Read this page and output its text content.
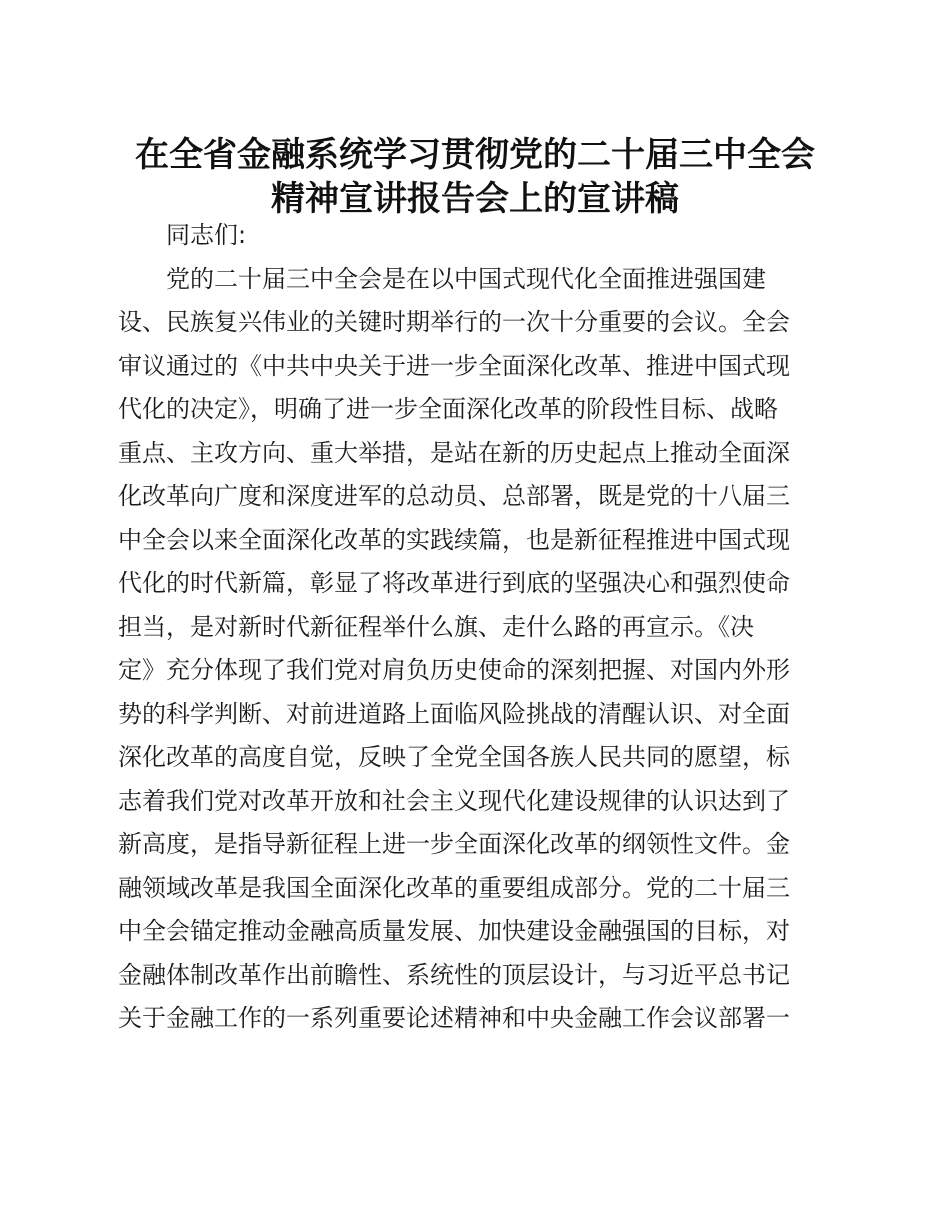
在全省金融系统学习贯彻党的二十届三中全会
精神宣讲报告会上的宣讲稿
同志们:
党的二十届三中全会是在以中国式现代化全面推进强国建
设、民族复兴伟业的关键时期举行的一次十分重要的会议。全会
审议通过的《中共中央关于进一步全面深化改革、推进中国式现
代化的决定》，明确了进一步全面深化改革的阶段性目标、战略
重点、主攻方向、重大举措，是站在新的历史起点上推动全面深
化改革向广度和深度进军的总动员、总部署，既是党的十八届三
中全会以来全面深化改革的实践续篇，也是新征程推进中国式现
代化的时代新篇，彰显了将改革进行到底的坚强决心和强烈使命
担当，是对新时代新征程举什么旗、走什么路的再宣示。《决
定》充分体现了我们党对肩负历史使命的深刻把握、对国内外形
势的科学判断、对前进道路上面临风险挑战的清醒认识、对全面
深化改革的高度自觉，反映了全党全国各族人民共同的愿望，标
志着我们党对改革开放和社会主义现代化建设规律的认识达到了
新高度，是指导新征程上进一步全面深化改革的纲领性文件。金
融领域改革是我国全面深化改革的重要组成部分。党的二十届三
中全会锚定推动金融高质量发展、加快建设金融强国的目标，对
金融体制改革作出前瞻性、系统性的顶层设计，与习近平总书记
关于金融工作的一系列重要论述精神和中央金融工作会议部署一
